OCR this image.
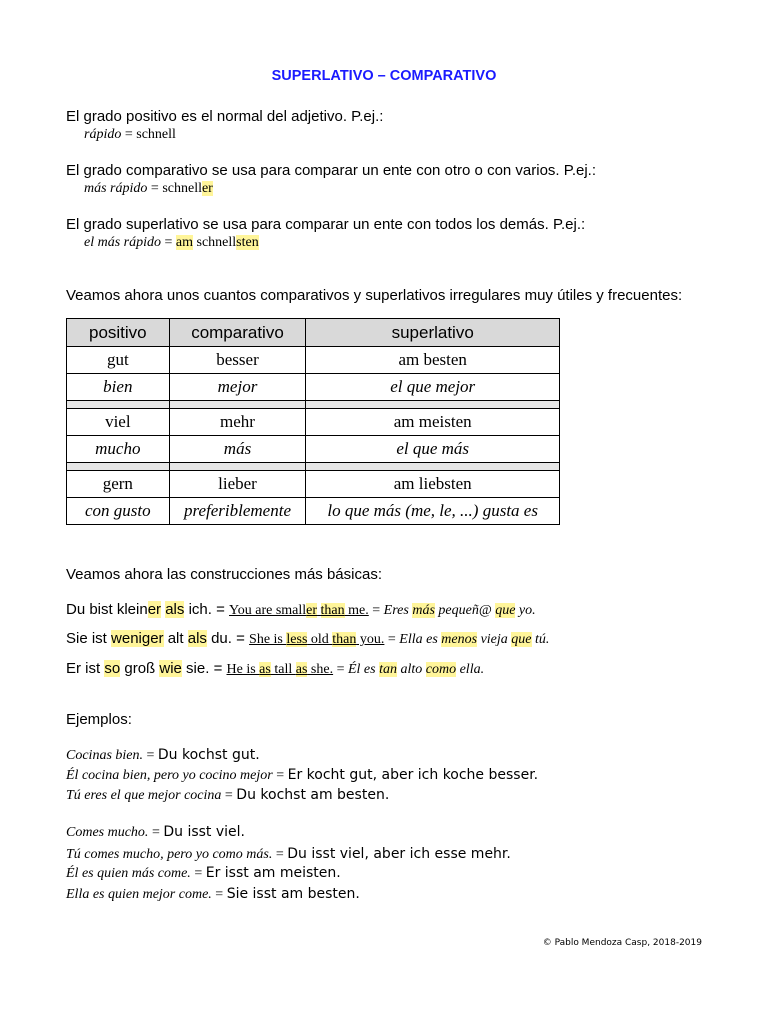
SUPERLATIVO – COMPARATIVO
El grado positivo es el normal del adjetivo. P.ej.:
rápido = schnell
El grado comparativo se usa para comparar un ente con otro o con varios. P.ej.:
más rápido = schneller
El grado superlativo se usa para comparar un ente con todos los demás. P.ej.:
el más rápido = am schnellsten
Veamos ahora unos cuantos comparativos y superlativos irregulares muy útiles y frecuentes:
positivo	comparativo	superlativo
gut	besser	am besten
bien	mejor	el que mejor

viel	mehr	am meisten
mucho	más	el que más

gern	lieber	am liebsten
con gusto	preferiblemente	lo que más (me, le, ...) gusta es
Veamos ahora las construcciones más básicas:
Du bist kleiner als ich. = You are smaller than me. = Eres más pequeñ@ que yo.
Sie ist weniger alt als du. = She is less old than you. = Ella es menos vieja que tú.
Er ist so groß wie sie. = He is as tall as she. = Él es tan alto como ella.
Ejemplos:
Cocinas bien. = Du kochst gut.
Él cocina bien, pero yo cocino mejor = Er kocht gut, aber ich koche besser.
Tú eres el que mejor cocina = Du kochst am besten.
Comes mucho. = Du isst viel.
Tú comes mucho, pero yo como más. = Du isst viel, aber ich esse mehr.
Él es quien más come. = Er isst am meisten.
Ella es quien mejor come. = Sie isst am besten.
© Pablo Mendoza Casp, 2018-2019
